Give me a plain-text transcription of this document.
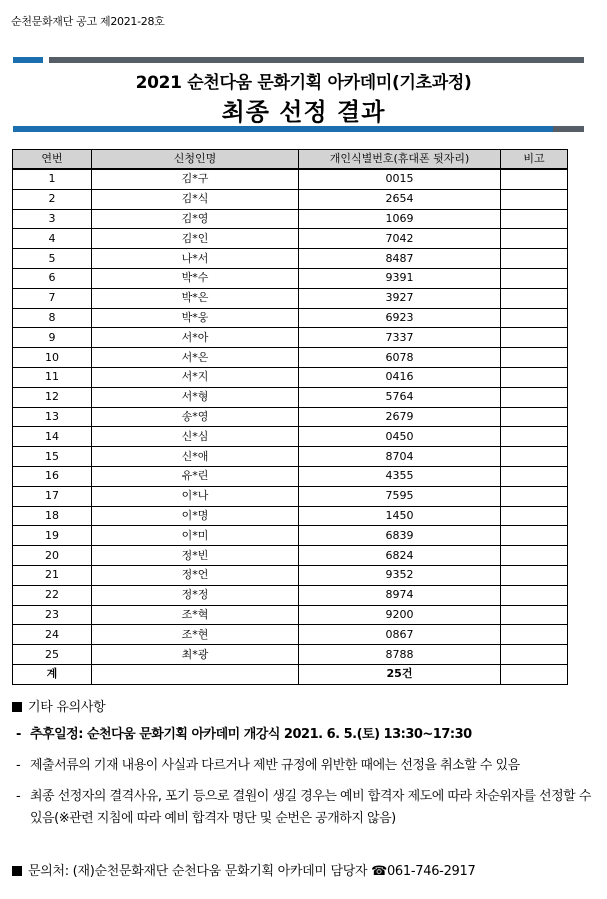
순천문화재단 공고 제2021-28호
2021 순천다움 문화기획 아카데미(기초과정)
최종 선정 결과
연번	신청인명	개인식별번호(휴대폰 뒷자리)	비고
1	김*구	0015	
2	김*식	2654	
3	김*영	1069	
4	김*인	7042	
5	나*서	8487	
6	박*수	9391	
7	박*은	3927	
8	박*웅	6923	
9	서*아	7337	
10	서*은	6078	
11	서*지	0416	
12	서*형	5764	
13	송*영	2679	
14	신*심	0450	
15	신*애	8704	
16	유*린	4355	
17	이*나	7595	
18	이*명	1450	
19	이*미	6839	
20	정*빈	6824	
21	정*언	9352	
22	정*정	8974	
23	조*혁	9200	
24	조*현	0867	
25	최*광	8788	
계		25건	
기타 유의사항
- 추후일정: 순천다움 문화기획 아카데미 개강식 2021. 6. 5.(토) 13:30~17:30
- 제출서류의 기재 내용이 사실과 다르거나 제반 규정에 위반한 때에는 선정을 취소할 수 있음
- 최종 선정자의 결격사유, 포기 등으로 결원이 생길 경우는 예비 합격자 제도에 따라 차순위자를 선정할 수 있음(※관련 지침에 따라 예비 합격자 명단 및 순번은 공개하지 않음)
문의처: (재)순천문화재단 순천다움 문화기획 아카데미 담당자 ☎061-746-2917
